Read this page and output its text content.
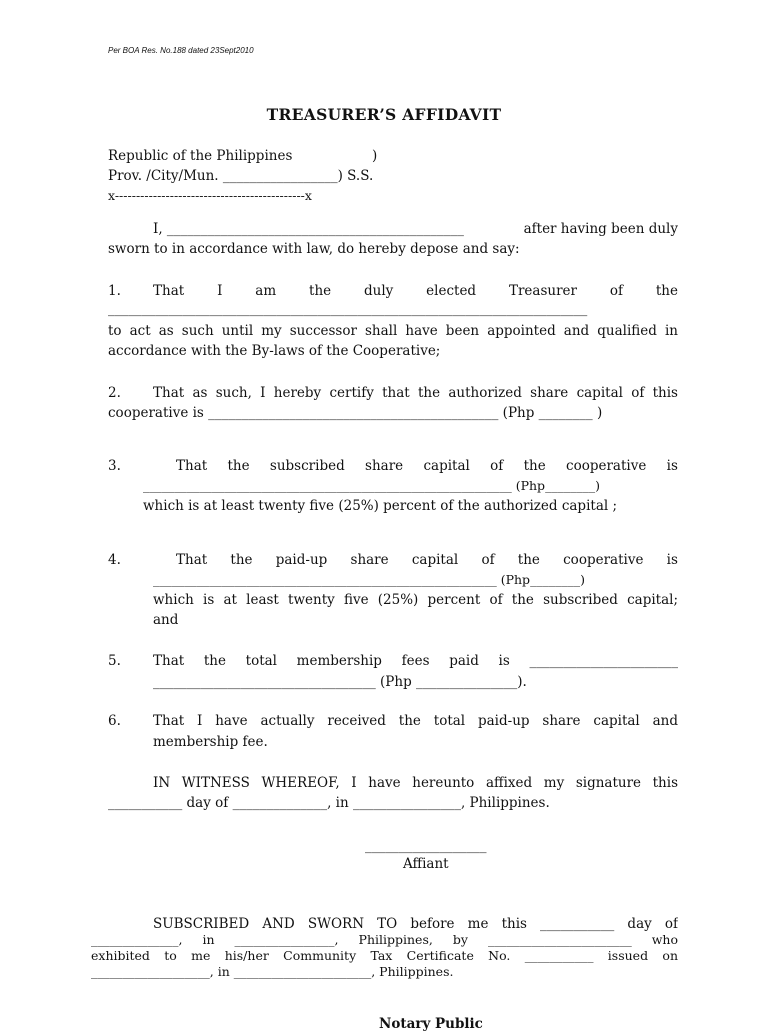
Per BOA Res. No.188 dated 23Sept2010
TREASURER’S AFFIDAVIT
Republic of the Philippines	)
Prov. /City/Mun. _________________) S.S.
x---------------------------------------------x
I, ____________________________________________	after having been duly
sworn to in accordance with law, do hereby depose and say:
1. That I am the duly elected Treasurer of the
_______________________________________________________________________
to act as such until my successor shall have been appointed and qualified in
accordance with the By-laws of the Cooperative;
2. That as such, I hereby certify that the authorized share capital of this
cooperative is ___________________________________________ (Php ________ )
3.	That the subscribed share capital of the cooperative is
___________________________________________________________ (Php________)
which is at least twenty five (25%) percent of the authorized capital ;
4.	That the paid-up share capital of the cooperative is
_______________________________________________________ (Php________)
which is at least twenty five (25%) percent of the subscribed capital;
and
5. That the total membership fees paid is ______________________
_________________________________ (Php _______________).
6. That I have actually received the total paid-up share capital and
membership fee.
IN WITNESS WHEREOF, I have hereunto affixed my signature this
___________ day of ______________, in ________________, Philippines.
__________________
Affiant
SUBSCRIBED AND SWORN TO before me this ___________ day of
______________, in ________________, Philippines, by _______________________ who
exhibited to me his/her Community Tax Certificate No. ___________ issued on
___________________, in ______________________, Philippines.
Notary Public
